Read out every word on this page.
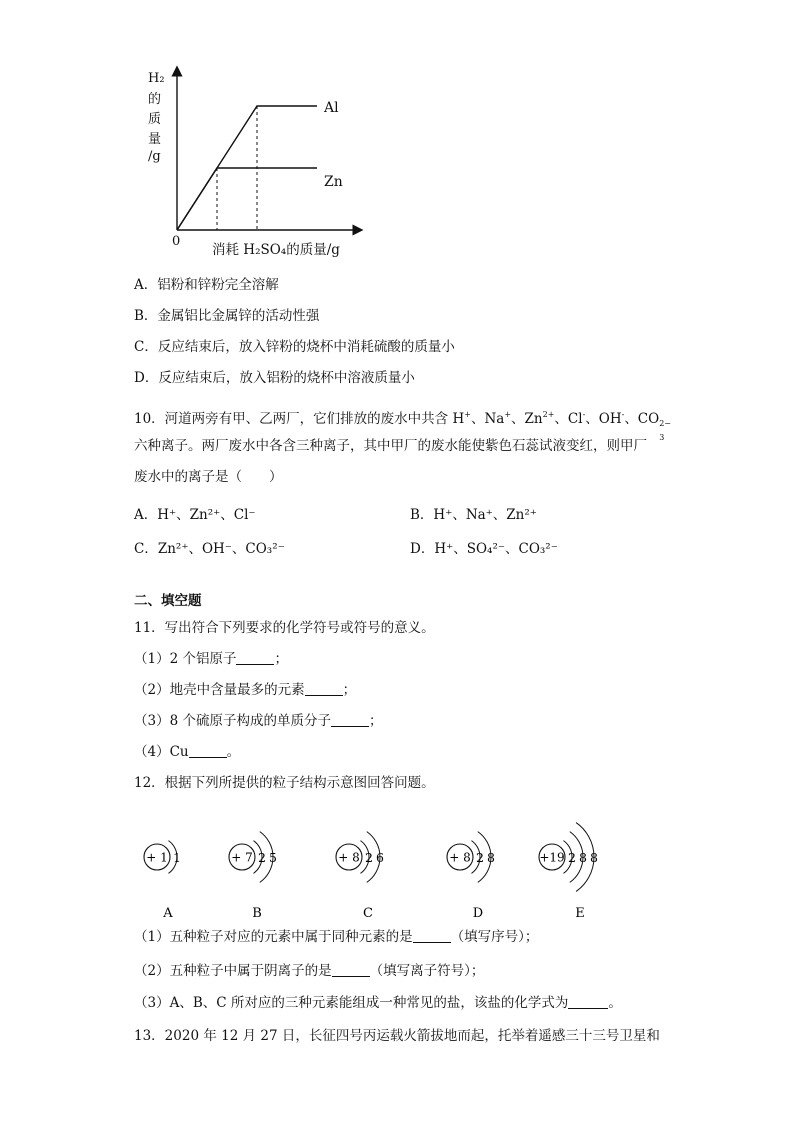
Al
Zn
0
消耗 H₂SO₄的质量/g
H₂ 的 质 量 /g
A．铝粉和锌粉完全溶解
B．金属铝比金属锌的活动性强
C．反应结束后，放入锌粉的烧杯中消耗硫酸的质量小
D．反应结束后，放入铝粉的烧杯中溶液质量小
10．河道两旁有甲、乙两厂，它们排放的废水中共含 H+、Na+、$Zn^{2+}$、Cl-、OH-、CO 2−
3
六种离子。两厂废水中各含三种离子，其中甲厂的废水能使紫色石蕊试液变红，则甲厂
废水中的离子是（　　）
A．H⁺、Zn²⁺、Cl⁻	B．H⁺、Na⁺、Zn²⁺
C．Zn²⁺、OH⁻、CO₃²⁻	D．H⁺、SO₄²⁻、CO₃²⁻
二、填空题
11．写出符合下列要求的化学符号或符号的意义。
（1）2 个铝原子	；
（2）地壳中含量最多的元素	；
（3）8 个硫原子构成的单质分子	；
（4）Cu	。
12．根据下列所提供的粒子结构示意图回答问题。
+ 1 1
A
+ 7 2 5
B
+ 8 2 6
C
+ 8 2 8
D
+19 2 8 8
E
（1）五种粒子对应的元素中属于同种元素的是	（填写序号）；
（2）五种粒子中属于阴离子的是	（填写离子符号）；
（3）A、B、C 所对应的三种元素能组成一种常见的盐，该盐的化学式为	。
13．2020 年 12 月 27 日，长征四号丙运载火箭拔地而起，托举着遥感三十三号卫星和
